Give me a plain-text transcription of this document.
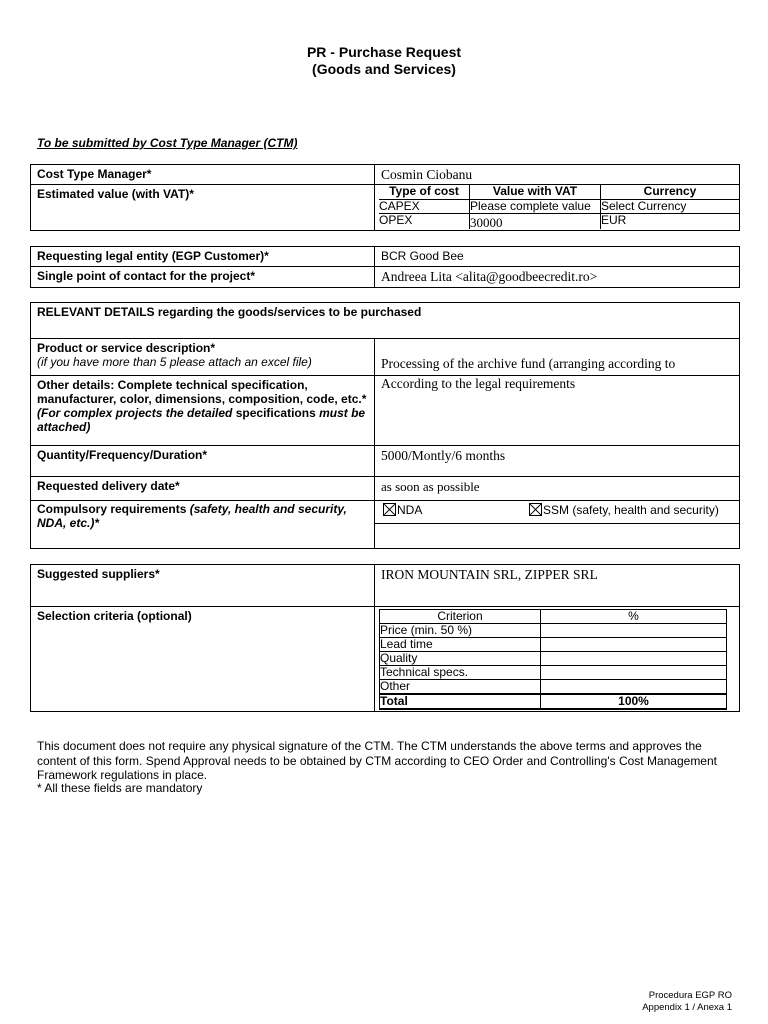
PR - Purchase Request
(Goods and Services)
To be submitted by Cost Type Manager (CTM)
Cost Type Manager*	Cosmin Ciobanu

Estimated value (with VAT)*
		Type of cost	Value with VAT	Currency
CAPEX	Please complete value	Select Currency
OPEX	30000	EUR
Requesting legal entity (EGP Customer)*	BCR Good Bee

Single point of contact for the project*	Andreea Lita <alita@goodbeecredit.ro>
RELEVANT DETAILS regarding the goods/services to be purchased	

Product or service description*
(if you have more than 5 please attach an excel file)	Processing of the archive fund (arranging according to

Other details: Complete technical specification, manufacturer, color, dimensions, composition, code, etc.*
(For complex projects the detailed specifications must be attached)	According to the legal requirements

Quantity/Frequency/Duration*	5000/Montly/6 months

Requested delivery date*	as soon as possible

Compulsory requirements (safety, health and security, NDA, etc.)*	NDA SSM (safety, health and security)
Suggested suppliers*	IRON MOUNTAIN SRL, ZIPPER SRL

Selection criteria (optional)
		Criterion	%
Price (min. 50 %)	
Lead time	
Quality	
Technical specs.	
Other	
Total	100%
This document does not require any physical signature of the CTM. The CTM understands the above terms and approves the content of this form. Spend Approval needs to be obtained by CTM according to CEO Order and Controlling's Cost Management Framework regulations in place.
* All these fields are mandatory
Procedura EGP RO
Appendix 1 / Anexa 1
